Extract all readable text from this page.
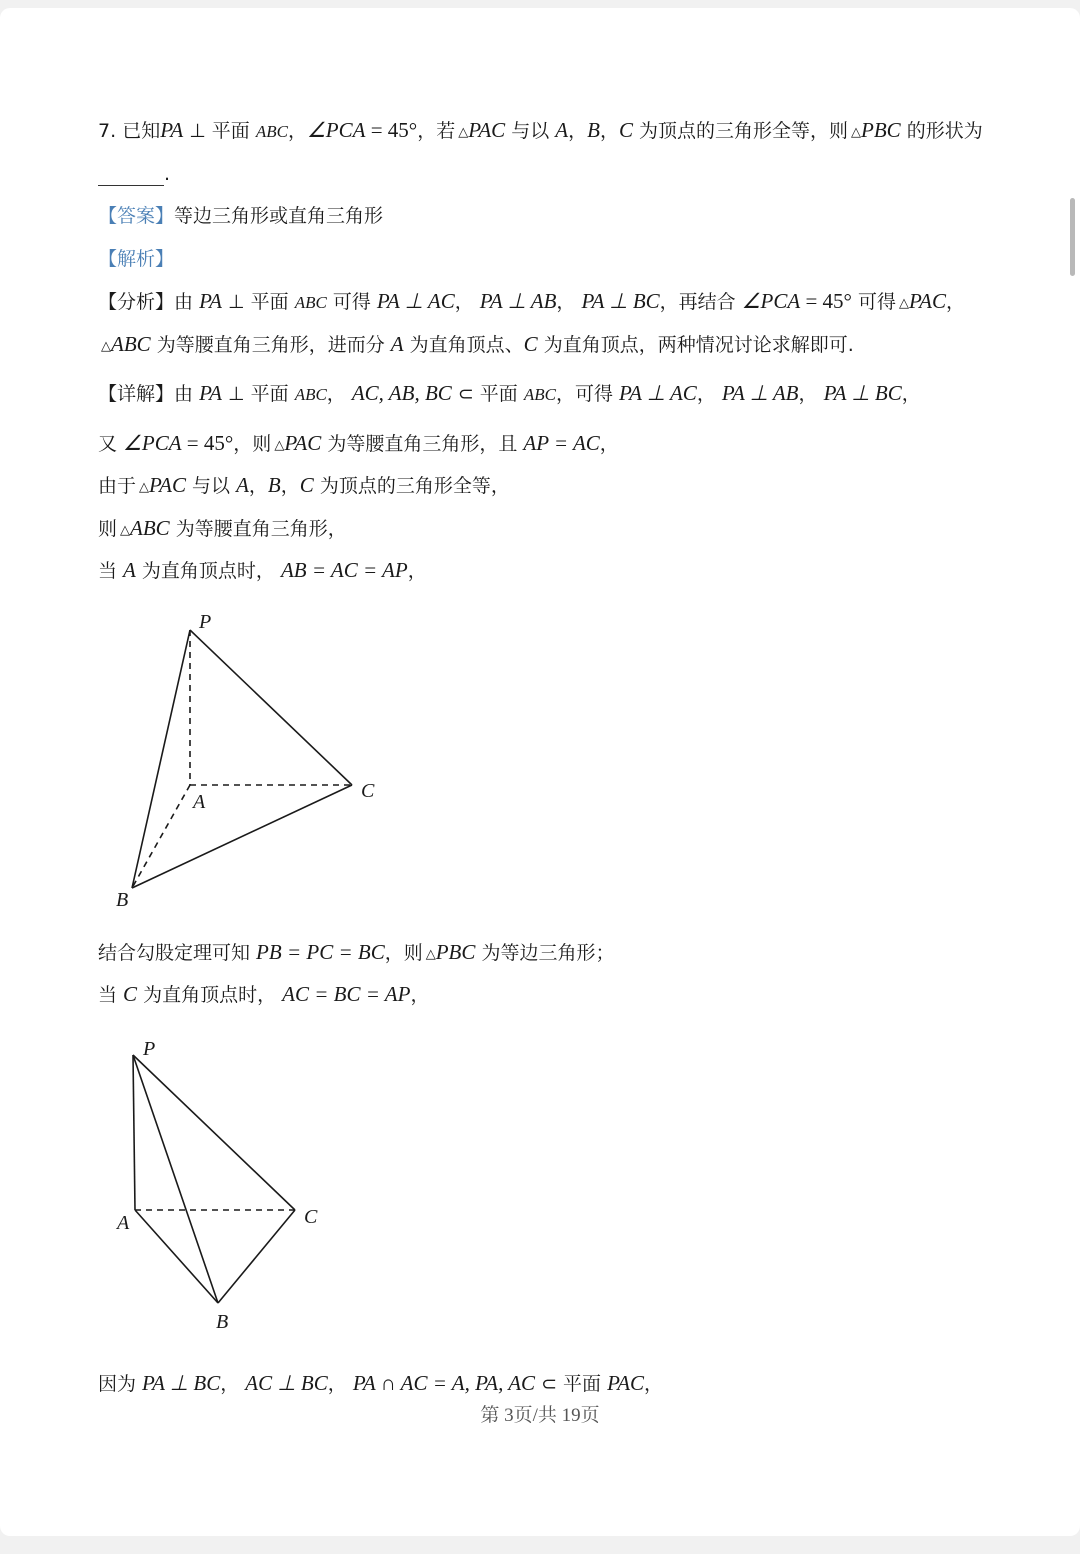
7. 已知PA ⊥ 平面 ABC，∠PCA = 45°，若 △PAC 与以 A，B，C 为顶点的三角形全等，则 △PBC 的形状为
.
【答案】等边三角形或直角三角形
【解析】
【分析】由 PA ⊥ 平面 ABC 可得 PA ⊥ AC， PA ⊥ AB， PA ⊥ BC，再结合 ∠PCA = 45° 可得 △PAC，
△ABC 为等腰直角三角形，进而分 A 为直角顶点、C 为直角顶点，两种情况讨论求解即可.
【详解】由 PA ⊥ 平面 ABC， AC, AB, BC ⊂ 平面 ABC，可得 PA ⊥ AC， PA ⊥ AB， PA ⊥ BC，
又 ∠PCA = 45°，则 △PAC 为等腰直角三角形，且 AP = AC，
由于 △PAC 与以 A，B，C 为顶点的三角形全等，
则 △ABC 为等腰直角三角形，
当 A 为直角顶点时， AB = AC = AP，
P
A	C
B
结合勾股定理可知 PB = PC = BC，则 △PBC 为等边三角形；
当 C 为直角顶点时， AC = BC = AP，
P
A	C
B
因为 PA ⊥ BC， AC ⊥ BC， PA ∩ AC = A, PA, AC ⊂ 平面 PAC，
第 3页/共 19页
